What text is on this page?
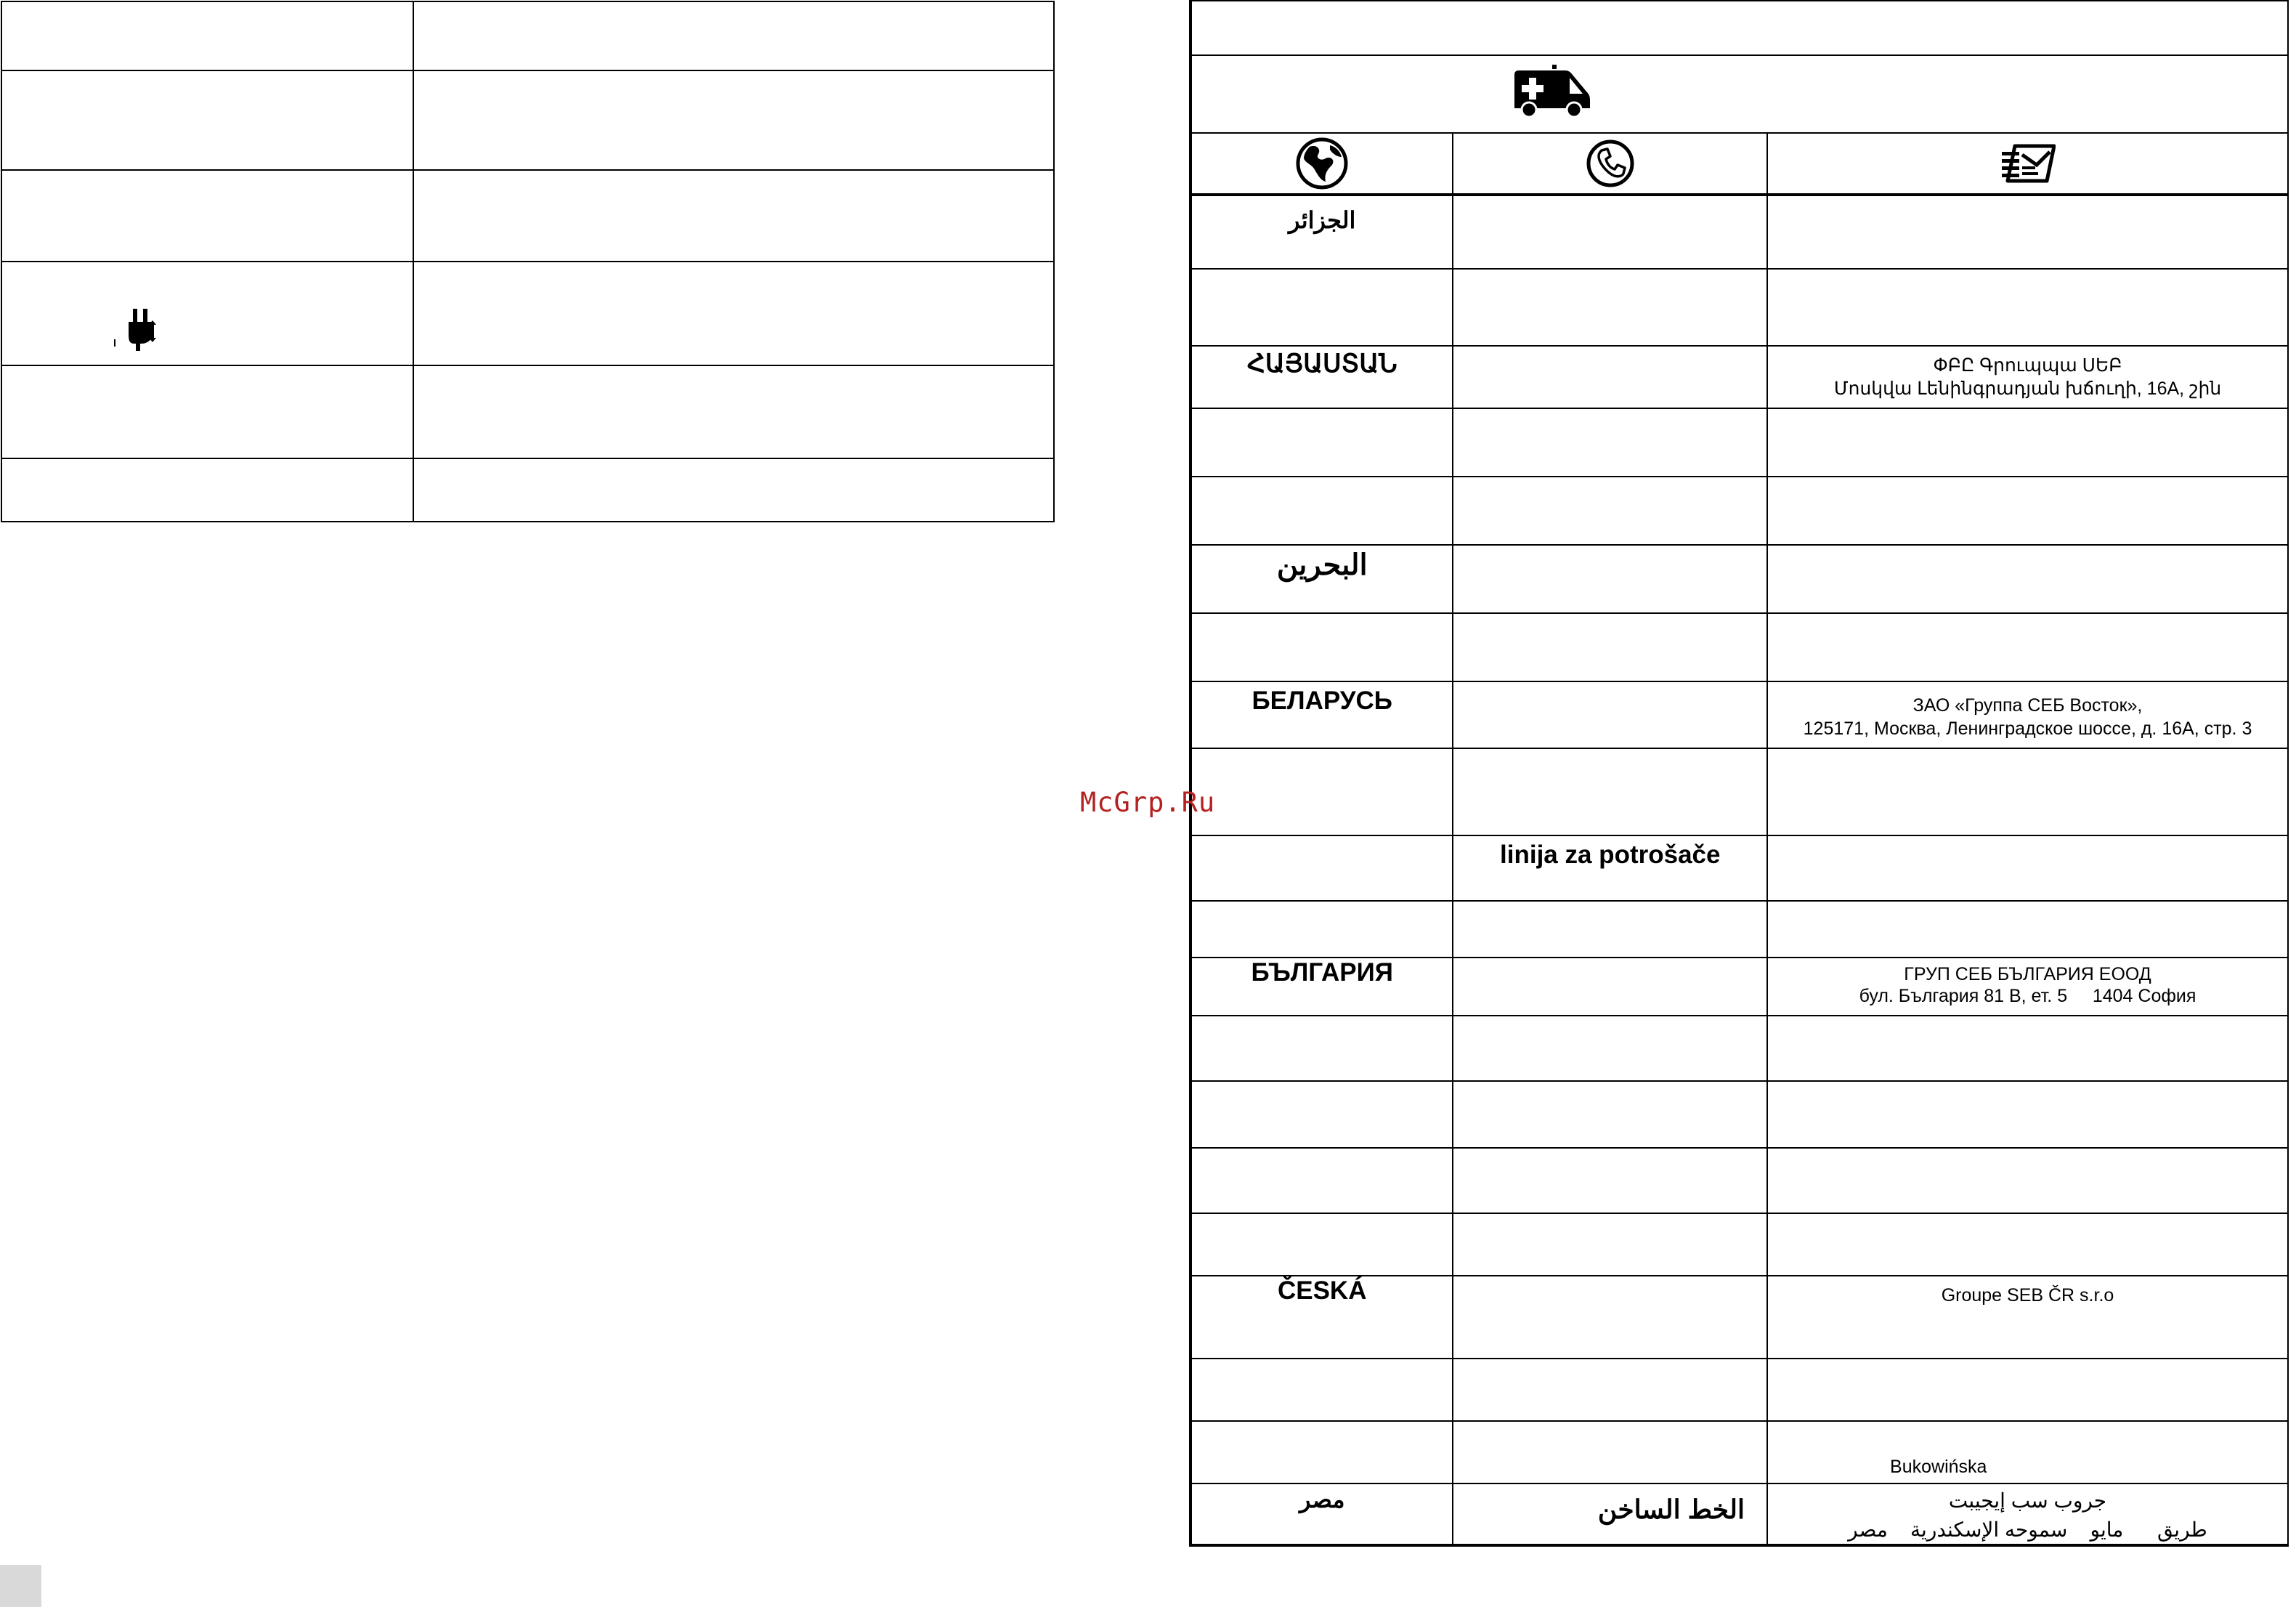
الجزائر		

ՀԱՅԱՍՏԱՆ		ՓԲԸ Գրուպպա ՍԵԲ
Մոսկվա Լենինգրադյան խճուղի, 16A, շին

البحرين		

БЕЛАРУСЬ		ЗАО «Группа СЕБ Восток»,
125171, Москва, Ленинградское шоссе, д. 16А, стр. 3

	linija za potrošače	

БЪЛГАРИЯ		ГРУП СЕБ БЪЛГАРИЯ ЕООД
бул. България 81 B, ет. 5     1404 София

ČESKÁ		Groupe SEB ČR s.r.o

		Bukowińska

مصر	الخط الساخن	جروب سب إيجيبت
طريق      مايو    سموحه الإسكندرية    مصر
McGrp.Ru
